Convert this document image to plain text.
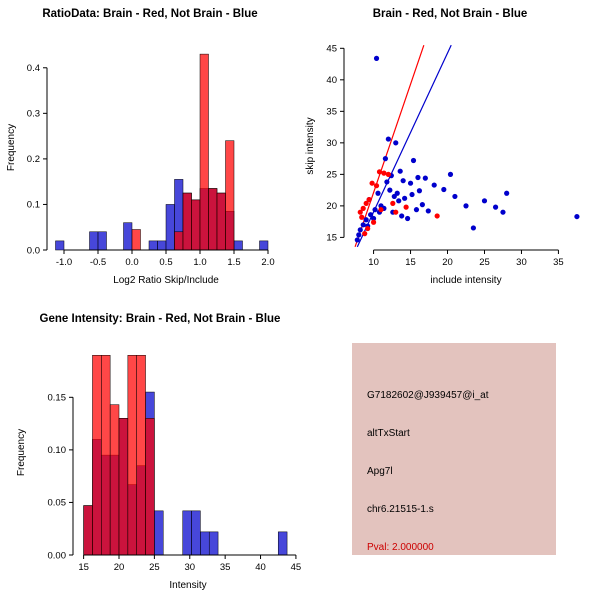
RatioData: Brain - Red, Not Brain - Blue
-1.0 -0.5 0.0 0.5 1.0 1.5 2.0
0.0
0.1
0.2
0.3
0.4
Log2 Ratio Skip/Include
Frequency
Brain - Red, Not Brain - Blue
10	15	20	25	30	35
15
20
25
30
35
40
45
include intensity
skip intensity
Gene Intensity: Brain - Red, Not Brain - Blue
15	20	25	30	35	40	45
0.00
0.05
0.10
0.15
Intensity
Frequency
G7182602@J939457@i_at
altTxStart
Apg7l
chr6.21515-1.s
Pval: 2.000000
